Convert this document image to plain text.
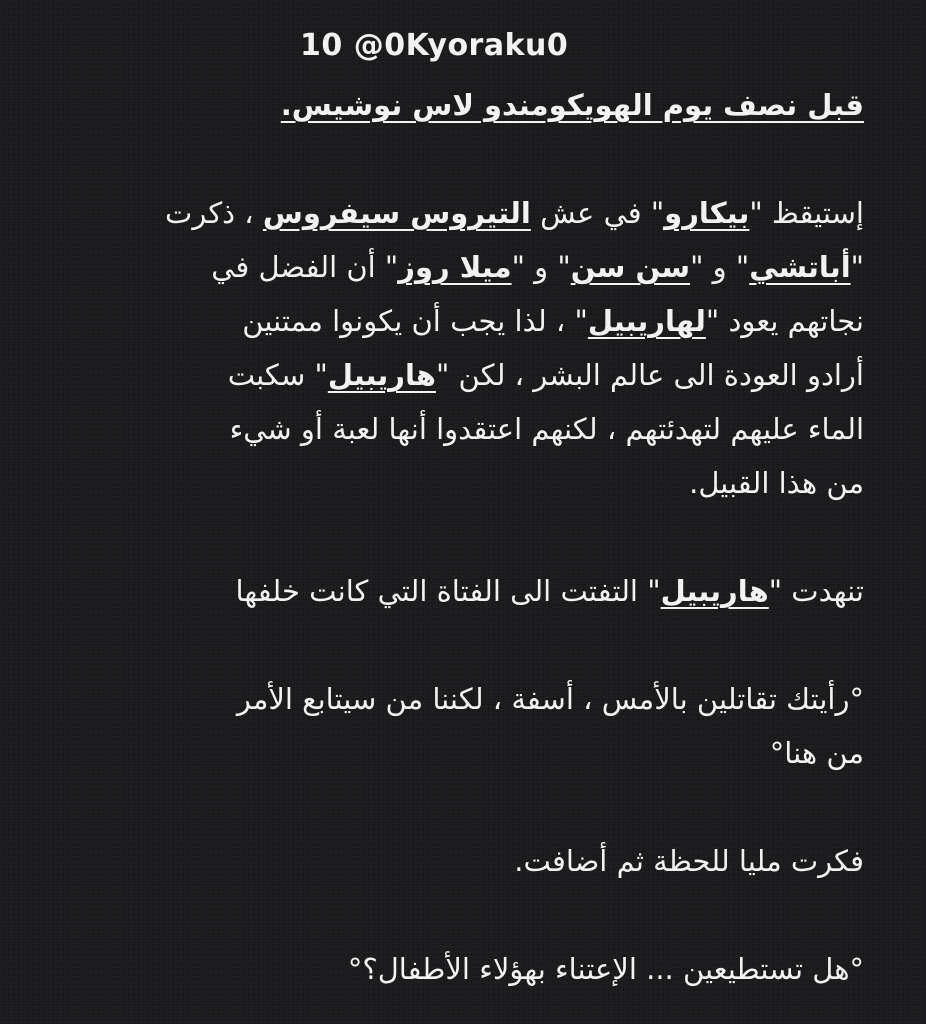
10 @0Kyoraku0

قبل نصف يوم الهويكومندو لاس نوشيس.

إستيقظ "بيكارو" في عش التيروس سيفروس ، ذكرت

"أباتشي" و "سن سن" و "ميلا روز" أن الفضل في

نجاتهم يعود "لهاريبيل" ، لذا يجب أن يكونوا ممتنين

أرادو العودة الى عالم البشر ، لكن "هاريبيل" سكبت

الماء عليهم لتهدئتهم ، لكنهم اعتقدوا أنها لعبة أو شيء

من هذا القبيل.

تنهدت "هاريبيل" التفتت الى الفتاة التي كانت خلفها

°رأيتك تقاتلين بالأمس ، أسفة ، لكننا من سيتابع الأمر

من هنا°

فكرت مليا للحظة ثم أضافت.

°هل تستطيعين ... الإعتناء بهؤلاء الأطفال؟°
